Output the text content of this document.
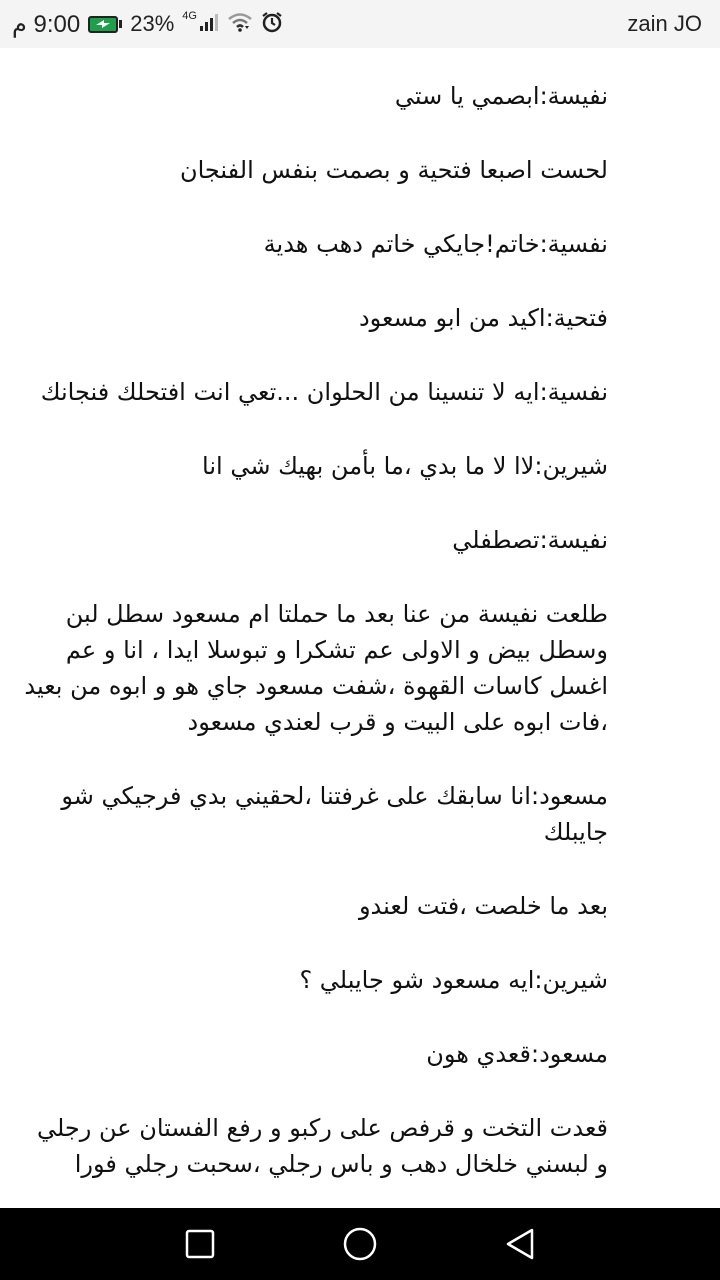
9:00 م 23% 4G	zain JO

نفيسة:ابصمي يا ستي

لحست اصبعا فتحية و بصمت بنفس الفنجان

نفسية:خاتم!جايكي خاتم دهب هدية

فتحية:اكيد من ابو مسعود

نفسية:ايه لا تنسينا من الحلوان ...تعي انت افتحلك فنجانك

شيرين:لاا لا ما بدي ،ما بأمن بهيك شي انا

نفيسة:تصطفلي

طلعت نفيسة من عنا بعد ما حملتا ام مسعود سطل لبن وسطل بيض و الاولى عم تشكرا و تبوسلا ايدا ، انا و عم اغسل كاسات القهوة ،شفت مسعود جاي هو و ابوه من بعيد ،فات ابوه على البيت و قرب لعندي مسعود

مسعود:انا سابقك على غرفتنا ،لحقيني بدي فرجيكي شو جايبلك

بعد ما خلصت ،فتت لعندو

شيرين:ايه مسعود شو جايبلي ؟

مسعود:قعدي هون

قعدت التخت و قرفص على ركبو و رفع الفستان عن رجلي و لبسني خلخال دهب و باس رجلي ،سحبت رجلي فورا
